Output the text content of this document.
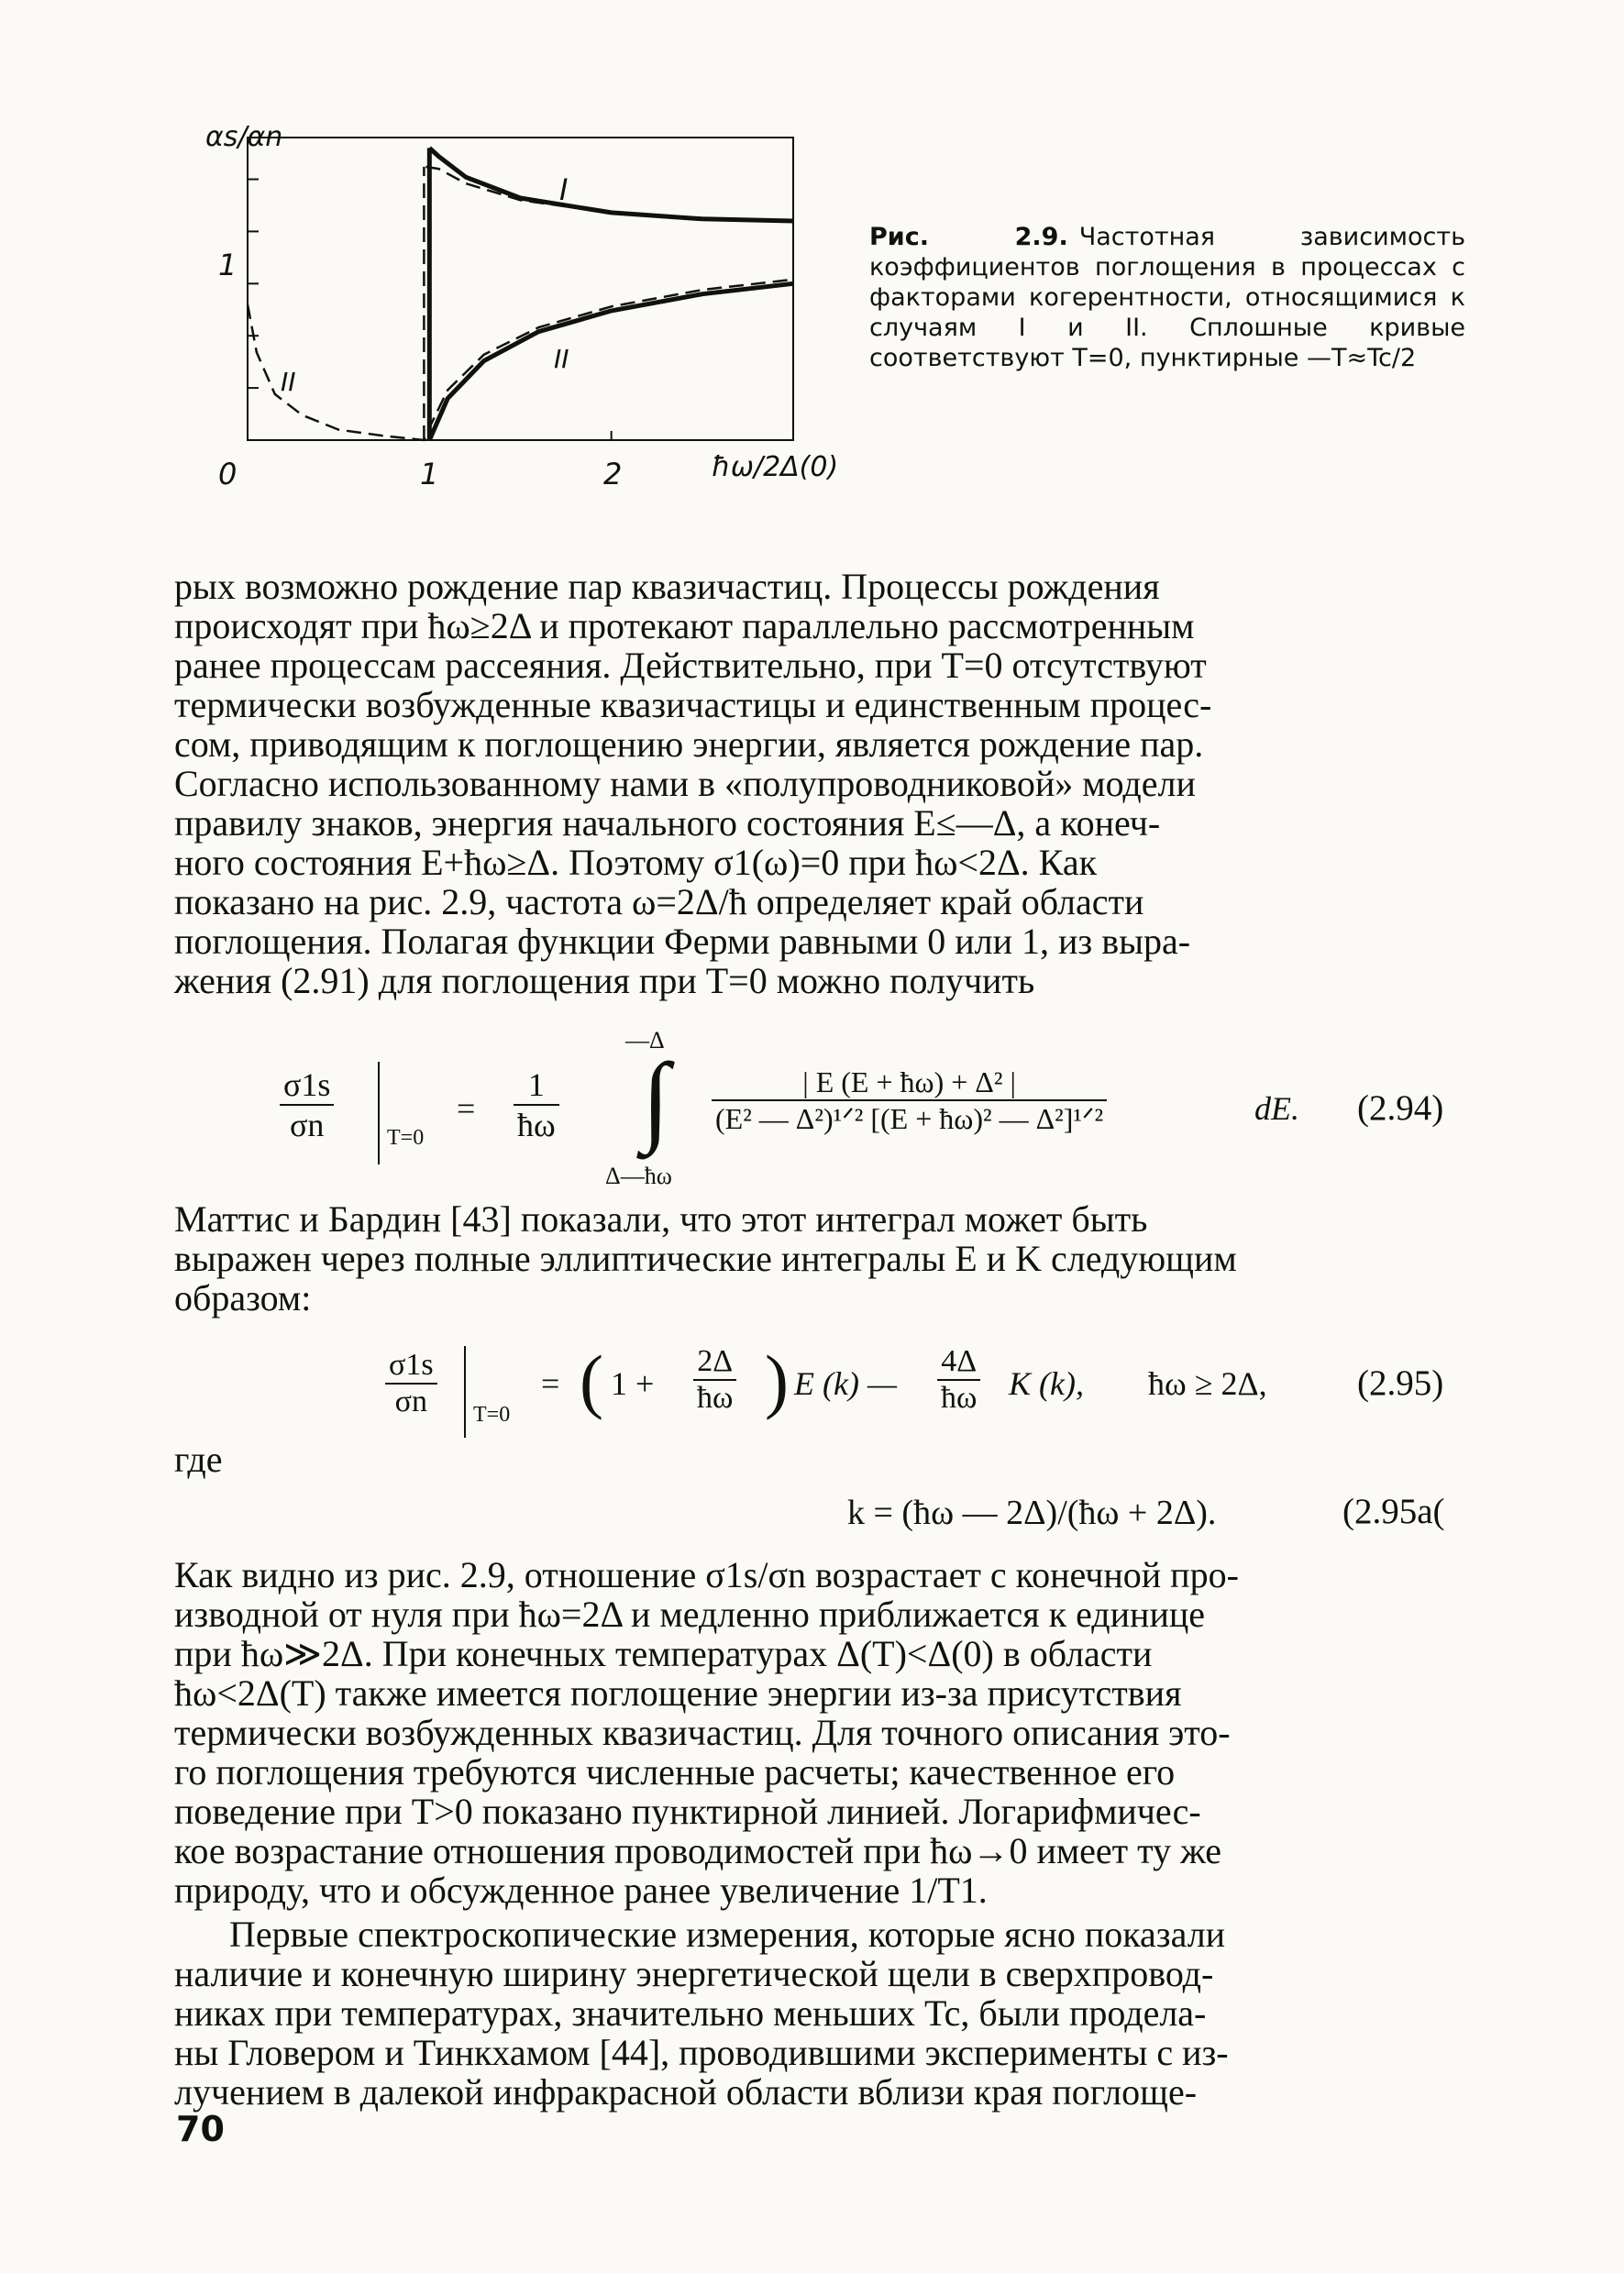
αs/αn
1
0	1	2	ħω/2Δ(0)
I
II
II
Рис. 2.9. Частотная зависимость коэффициентов поглощения в процессах с факторами когерентности, относящимися к случаям I и II. Сплошные кривые соответствуют T=0, пунктирные —T≈Tc/2
рых возможно рождение пар квазичастиц. Процессы рождения
происходят при ħω≥2Δ и протекают параллельно рассмотренным
ранее процессам рассеяния. Действительно, при T=0 отсутствуют
термически возбужденные квазичастицы и единственным процес-
сом, приводящим к поглощению энергии, является рождение пар.
Согласно использованному нами в «полупроводниковой» модели
правилу знаков, энергия начального состояния E≤—Δ, а конеч-
ного состояния E+ħω≥Δ. Поэтому σ1(ω)=0 при ħω<2Δ. Как
показано на рис. 2.9, частота ω=2Δ/ħ определяет край области
поглощения. Полагая функции Ферми равными 0 или 1, из выра-
жения (2.91) для поглощения при T=0 можно получить
$\frac{\sigma 1s}{\sigma n} T=0$
= $\frac{1}{ħ\omega}$
—Δ
∫
Δ—ħω
$\frac{\text{| E (E + ħω) + Δ² |}}{\text{(E² — Δ²)¹ᐟ² [(E + ħω)² — Δ²]¹ᐟ²}}$	dE. (2.94)
Маттис и Бардин [43] показали, что этот интеграл может быть
выражен через полные эллиптические интегралы E и K следующим
образом:
$\frac{\sigma 1s}{\sigma n} T=0$
= ( $1 + \frac{2\Delta}{ħ\omega}$ ) E (k) — $\frac{4\Delta}{ħ\omega}$ K (k), ħω ≥ 2Δ,	(2.95)
где
k = (ħω — 2Δ)/(ħω + 2Δ).	(2.95a(
Как видно из рис. 2.9, отношение σ1s/σn возрастает с конечной про-
изводной от нуля при ħω=2Δ и медленно приближается к единице
при ħω≫2Δ. При конечных температурах Δ(T)<Δ(0) в области
ħω<2Δ(T) также имеется поглощение энергии из-за присутствия
термически возбужденных квазичастиц. Для точного описания это-
го поглощения требуются численные расчеты; качественное его
поведение при T>0 показано пунктирной линией. Логарифмичес-
кое возрастание отношения проводимостей при ħω→0 имеет ту же
природу, что и обсужденное ранее увеличение 1/T1.
Первые спектроскопические измерения, которые ясно показали
наличие и конечную ширину энергетической щели в сверхпровод-
никах при температурах, значительно меньших Tc, были продела-
ны Гловером и Тинкхамом [44], проводившими эксперименты с из-
лучением в далекой инфракрасной области вблизи края поглоще-
70
